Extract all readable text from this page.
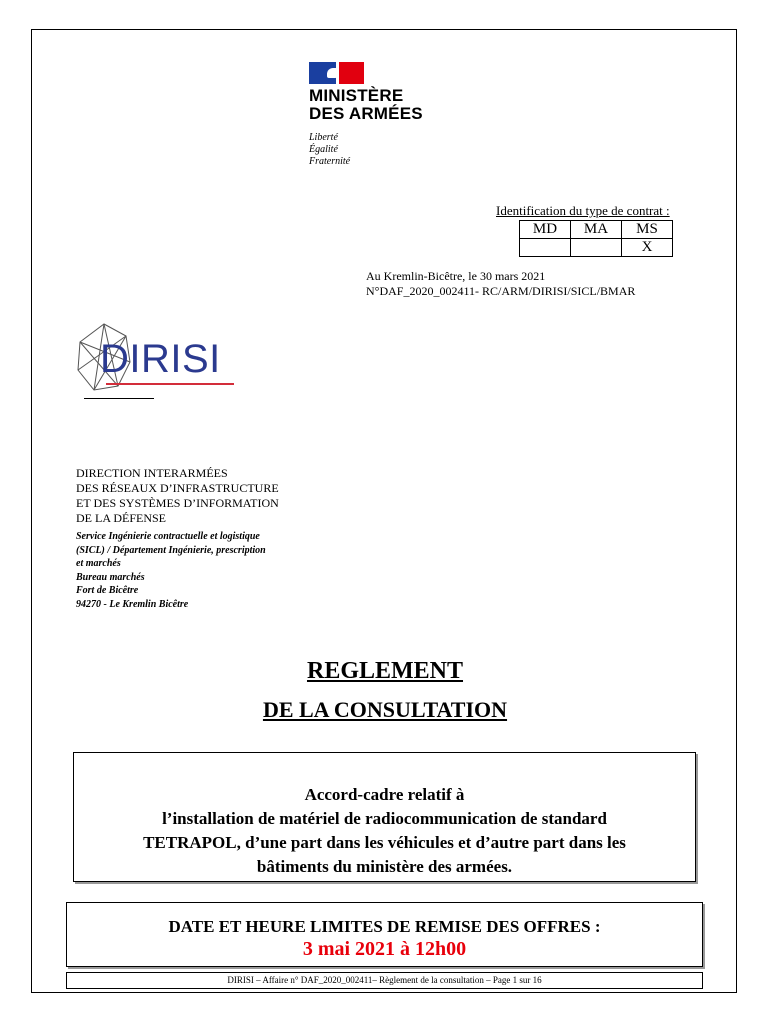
MINISTÈRE
DES ARMÉES
Liberté
Égalité
Fraternité
Identification du type de contrat :
MD	MA	MS
		X
Au Kremlin-Bicêtre, le 30 mars 2021
N°DAF_2020_002411- RC/ARM/DIRISI/SICL/BMAR
DIRISI
DIRECTION INTERARMÉES
DES RÉSEAUX D’INFRASTRUCTURE
ET DES SYSTÈMES D’INFORMATION
DE LA DÉFENSE
Service Ingénierie contractuelle et logistique
(SICL) / Département Ingénierie, prescription
et marchés
Bureau marchés
Fort de Bicêtre
94270 - Le Kremlin Bicêtre
REGLEMENT
DE LA CONSULTATION
Accord-cadre relatif à
l’installation de matériel de radiocommunication de standard
TETRAPOL, d’une part dans les véhicules et d’autre part dans les
bâtiments du ministère des armées.
DATE ET HEURE LIMITES DE REMISE DES OFFRES :
3 mai 2021 à 12h00
DIRISI – Affaire n° DAF_2020_002411– Règlement de la consultation – Page 1 sur 16
